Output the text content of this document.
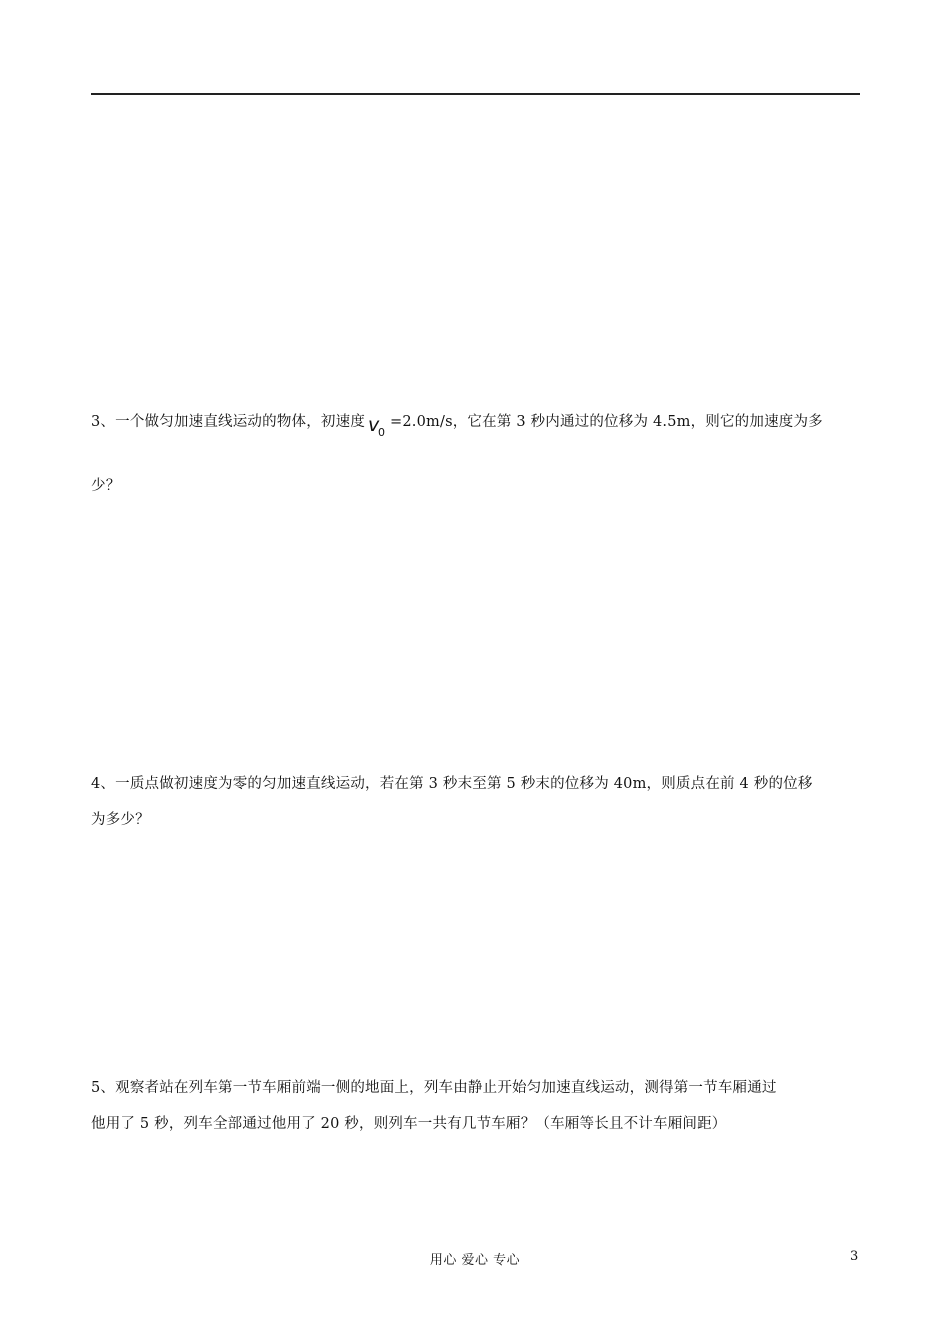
3、一个做匀加速直线运动的物体，初速度 v
0
=2.0m/s，它在第 3 秒内通过的位移为 4.5m，则它的加速度为多
少？
4、一质点做初速度为零的匀加速直线运动，若在第 3 秒末至第 5 秒末的位移为 40m，则质点在前 4 秒的位移
为多少？
5、观察者站在列车第一节车厢前端一侧的地面上，列车由静止开始匀加速直线运动，测得第一节车厢通过
他用了 5 秒，列车全部通过他用了 20 秒，则列车一共有几节车厢？（车厢等长且不计车厢间距）
用心 爱心 专心	3
